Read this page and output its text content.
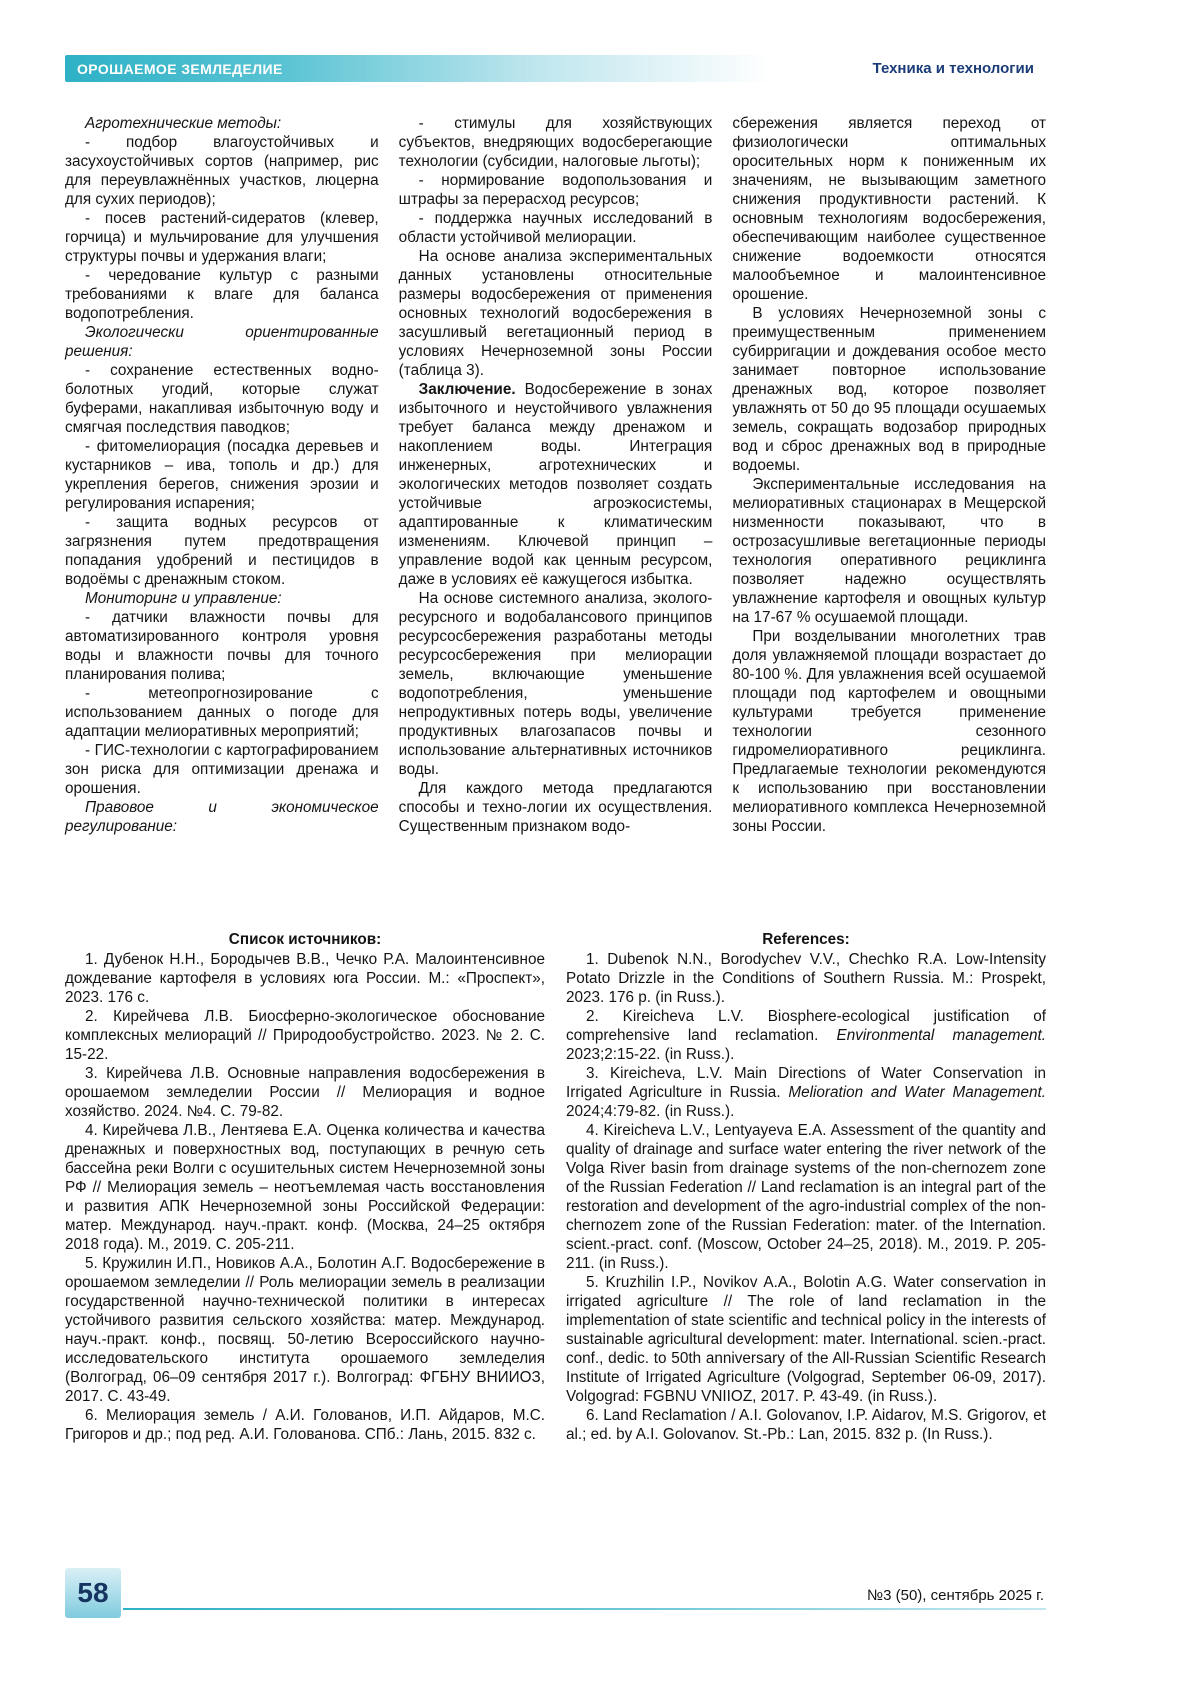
ОРОШАЕМОЕ ЗЕМЛЕДЕЛИЕ	Техника и технологии

Агротехнические методы:

- подбор влагоустойчивых и засухоустойчивых сортов (например, рис для переувлажнённых участков, люцерна для сухих периодов);

- посев растений-сидератов (клевер, горчица) и мульчирование для улучшения структуры почвы и удержания влаги;

- чередование культур с разными требованиями к влаге для баланса водопотребления.

Экологически ориентированные решения:

- сохранение естественных водно-болотных угодий, которые служат буферами, накапливая избыточную воду и смягчая последствия паводков;

- фитомелиорация (посадка деревьев и кустарников – ива, тополь и др.) для укрепления берегов, снижения эрозии и регулирования испарения;

- защита водных ресурсов от загрязнения путем предотвращения попадания удобрений и пестицидов в водоёмы с дренажным стоком.

Мониторинг и управление:

- датчики влажности почвы для автоматизированного контроля уровня воды и влажности почвы для точного планирования полива;

- метеопрогнозирование с использованием данных о погоде для адаптации мелиоративных мероприятий;

- ГИС-технологии с картографированием зон риска для оптимизации дренажа и орошения.

Правовое и экономическое регулирование:

- стимулы для хозяйствующих субъектов, внедряющих водосберегающие технологии (субсидии, налоговые льготы);

- нормирование водопользования и штрафы за перерасход ресурсов;

- поддержка научных исследований в области устойчивой мелиорации.

На основе анализа экспериментальных данных установлены относительные размеры водосбережения от применения основных технологий водосбережения в засушливый вегетационный период в условиях Нечерноземной зоны России (таблица 3).

Заключение. Водосбережение в зонах избыточного и неустойчивого увлажнения требует баланса между дренажом и накоплением воды. Интеграция инженерных, агротехнических и экологических методов позволяет создать устойчивые агроэкосистемы, адаптированные к климатическим изменениям. Ключевой принцип – управление водой как ценным ресурсом, даже в условиях её кажущегося избытка.

На основе системного анализа, эколого-ресурсного и водобалансового принципов ресурсосбережения разработаны методы ресурсосбережения при мелиорации земель, включающие уменьшение водопотребления, уменьшение непродуктивных потерь воды, увеличение продуктивных влагозапасов почвы и использование альтернативных источников воды.

Для каждого метода предлагаются способы и техно-логии их осуществления. Существенным признаком водо-

сбережения является переход от физиологически оптимальных оросительных норм к пониженным их значениям, не вызывающим заметного снижения продуктивности растений. К основным технологиям водосбережения, обеспечивающим наиболее существенное снижение водоемкости относятся малообъемное и малоинтенсивное орошение.

В условиях Нечерноземной зоны с преимущественным применением субирригации и дождевания особое место занимает повторное использование дренажных вод, которое позволяет увлажнять от 50 до 95 площади осушаемых земель, сокращать водозабор природных вод и сброс дренажных вод в природные водоемы.

Экспериментальные исследования на мелиоративных стационарах в Мещерской низменности показывают, что в острозасушливые вегетационные периоды технология оперативного рециклинга позволяет надежно осуществлять увлажнение картофеля и овощных культур на 17-67 % осушаемой площади.

При возделывании многолетних трав доля увлажняемой площади возрастает до 80-100 %. Для увлажнения всей осушаемой площади под картофелем и овощными культурами требуется применение технологии сезонного гидромелиоративного рециклинга. Предлагаемые технологии рекомендуются к использованию при восстановлении мелиоративного комплекса Нечерноземной зоны России.

Список источников:

1. Дубенок Н.Н., Бородычев В.В., Чечко Р.А. Малоинтенсивное дождевание картофеля в условиях юга России. М.: «Проспект», 2023. 176 с.

2. Кирейчева Л.В. Биосферно-экологическое обоснование комплексных мелиораций // Природообустройство. 2023. № 2. С. 15-22.

3. Кирейчева Л.В. Основные направления водосбережения в орошаемом земледелии России // Мелиорация и водное хозяйство. 2024. №4. С. 79-82.

4. Кирейчева Л.В., Лентяева Е.А. Оценка количества и качества дренажных и поверхностных вод, поступающих в речную сеть бассейна реки Волги с осушительных систем Нечерноземной зоны РФ // Мелиорация земель – неотъемлемая часть восстановления и развития АПК Нечерноземной зоны Российской Федерации: матер. Международ. науч.-практ. конф. (Москва, 24–25 октября 2018 года). М., 2019. С. 205-211.

5. Кружилин И.П., Новиков А.А., Болотин А.Г. Водосбережение в орошаемом земледелии // Роль мелиорации земель в реализации государственной научно-технической политики в интересах устойчивого развития сельского хозяйства: матер. Международ. науч.-практ. конф., посвящ. 50-летию Всероссийского научно-исследовательского института орошаемого земледелия (Волгоград, 06–09 сентября 2017 г.). Волгоград: ФГБНУ ВНИИОЗ, 2017. С. 43-49.

6. Мелиорация земель / А.И. Голованов, И.П. Айдаров, М.С. Григоров и др.; под ред. А.И. Голованова. СПб.: Лань, 2015. 832 с.

References:

1. Dubenok N.N., Borodychev V.V., Chechko R.A. Low-Intensity Potato Drizzle in the Conditions of Southern Russia. M.: Prospekt, 2023. 176 p. (in Russ.).

2. Kireicheva L.V. Biosphere-ecological justification of comprehensive land reclamation. Environmental management. 2023;2:15-22. (in Russ.).

3. Kireicheva, L.V. Main Directions of Water Conservation in Irrigated Agriculture in Russia. Melioration and Water Management. 2024;4:79-82. (in Russ.).

4. Kireicheva L.V., Lentyayeva E.A. Assessment of the quantity and quality of drainage and surface water entering the river network of the Volga River basin from drainage systems of the non-chernozem zone of the Russian Federation // Land reclamation is an integral part of the restoration and development of the agro-industrial complex of the non-chernozem zone of the Russian Federation: mater. of the Internation. scient.-pract. conf. (Moscow, October 24–25, 2018). M., 2019. P. 205-211. (in Russ.).

5. Kruzhilin I.P., Novikov A.A., Bolotin A.G. Water conservation in irrigated agriculture // The role of land reclamation in the implementation of state scientific and technical policy in the interests of sustainable agricultural development: mater. International. scien.-pract. conf., dedic. to 50th anniversary of the All-Russian Scientific Research Institute of Irrigated Agriculture (Volgograd, September 06-09, 2017). Volgograd: FGBNU VNIIOZ, 2017. P. 43-49. (in Russ.).

6. Land Reclamation / A.I. Golovanov, I.P. Aidarov, M.S. Grigorov, et al.; ed. by A.I. Golovanov. St.-Pb.: Lan, 2015. 832 p. (In Russ.).

58	№3 (50), сентябрь 2025 г.
